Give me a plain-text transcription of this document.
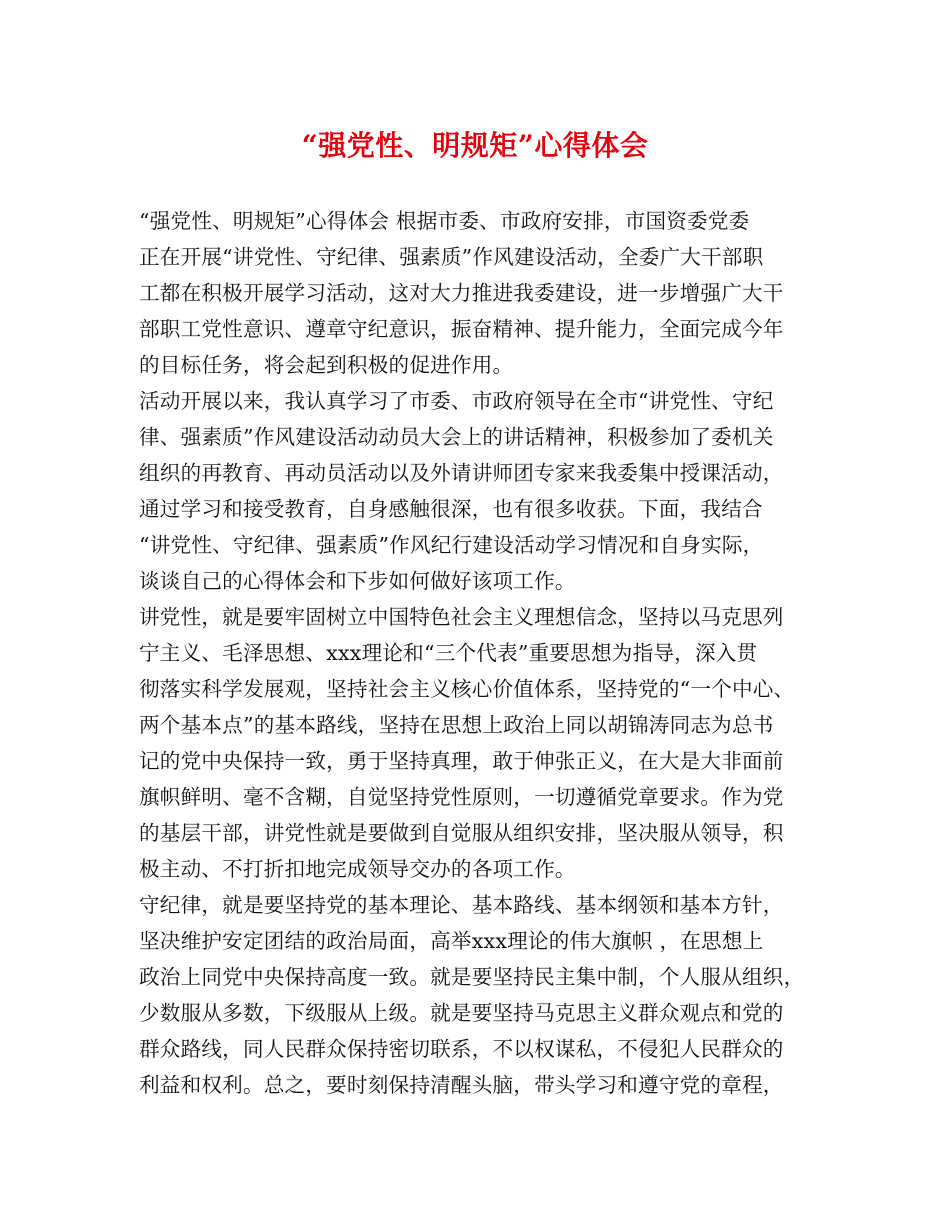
“强党性、明规矩”心得体会
“强党性、明规矩”心得体会 根据市委、市政府安排，市国资委党委
正在开展“讲党性、守纪律、强素质”作风建设活动，全委广大干部职
工都在积极开展学习活动，这对大力推进我委建设，进一步增强广大干
部职工党性意识、遵章守纪意识，振奋精神、提升能力，全面完成今年
的目标任务，将会起到积极的促进作用。
活动开展以来，我认真学习了市委、市政府领导在全市“讲党性、守纪
律、强素质”作风建设活动动员大会上的讲话精神，积极参加了委机关
组织的再教育、再动员活动以及外请讲师团专家来我委集中授课活动，
通过学习和接受教育，自身感触很深，也有很多收获。下面，我结合
“讲党性、守纪律、强素质”作风纪行建设活动学习情况和自身实际，
谈谈自己的心得体会和下步如何做好该项工作。
讲党性，就是要牢固树立中国特色社会主义理想信念，坚持以马克思列
宁主义、毛泽思想、xxx理论和“三个代表”重要思想为指导，深入贯
彻落实科学发展观，坚持社会主义核心价值体系，坚持党的“一个中心、
两个基本点”的基本路线，坚持在思想上政治上同以胡锦涛同志为总书
记的党中央保持一致，勇于坚持真理，敢于伸张正义，在大是大非面前
旗帜鲜明、毫不含糊，自觉坚持党性原则，一切遵循党章要求。作为党
的基层干部，讲党性就是要做到自觉服从组织安排，坚决服从领导，积
极主动、不打折扣地完成领导交办的各项工作。
守纪律，就是要坚持党的基本理论、基本路线、基本纲领和基本方针，
坚决维护安定团结的政治局面，高举xxx理论的伟大旗帜 ，在思想上
政治上同党中央保持高度一致。就是要坚持民主集中制，个人服从组织，
少数服从多数，下级服从上级。就是要坚持马克思主义群众观点和党的
群众路线，同人民群众保持密切联系，不以权谋私，不侵犯人民群众的
利益和权利。总之，要时刻保持清醒头脑，带头学习和遵守党的章程，
